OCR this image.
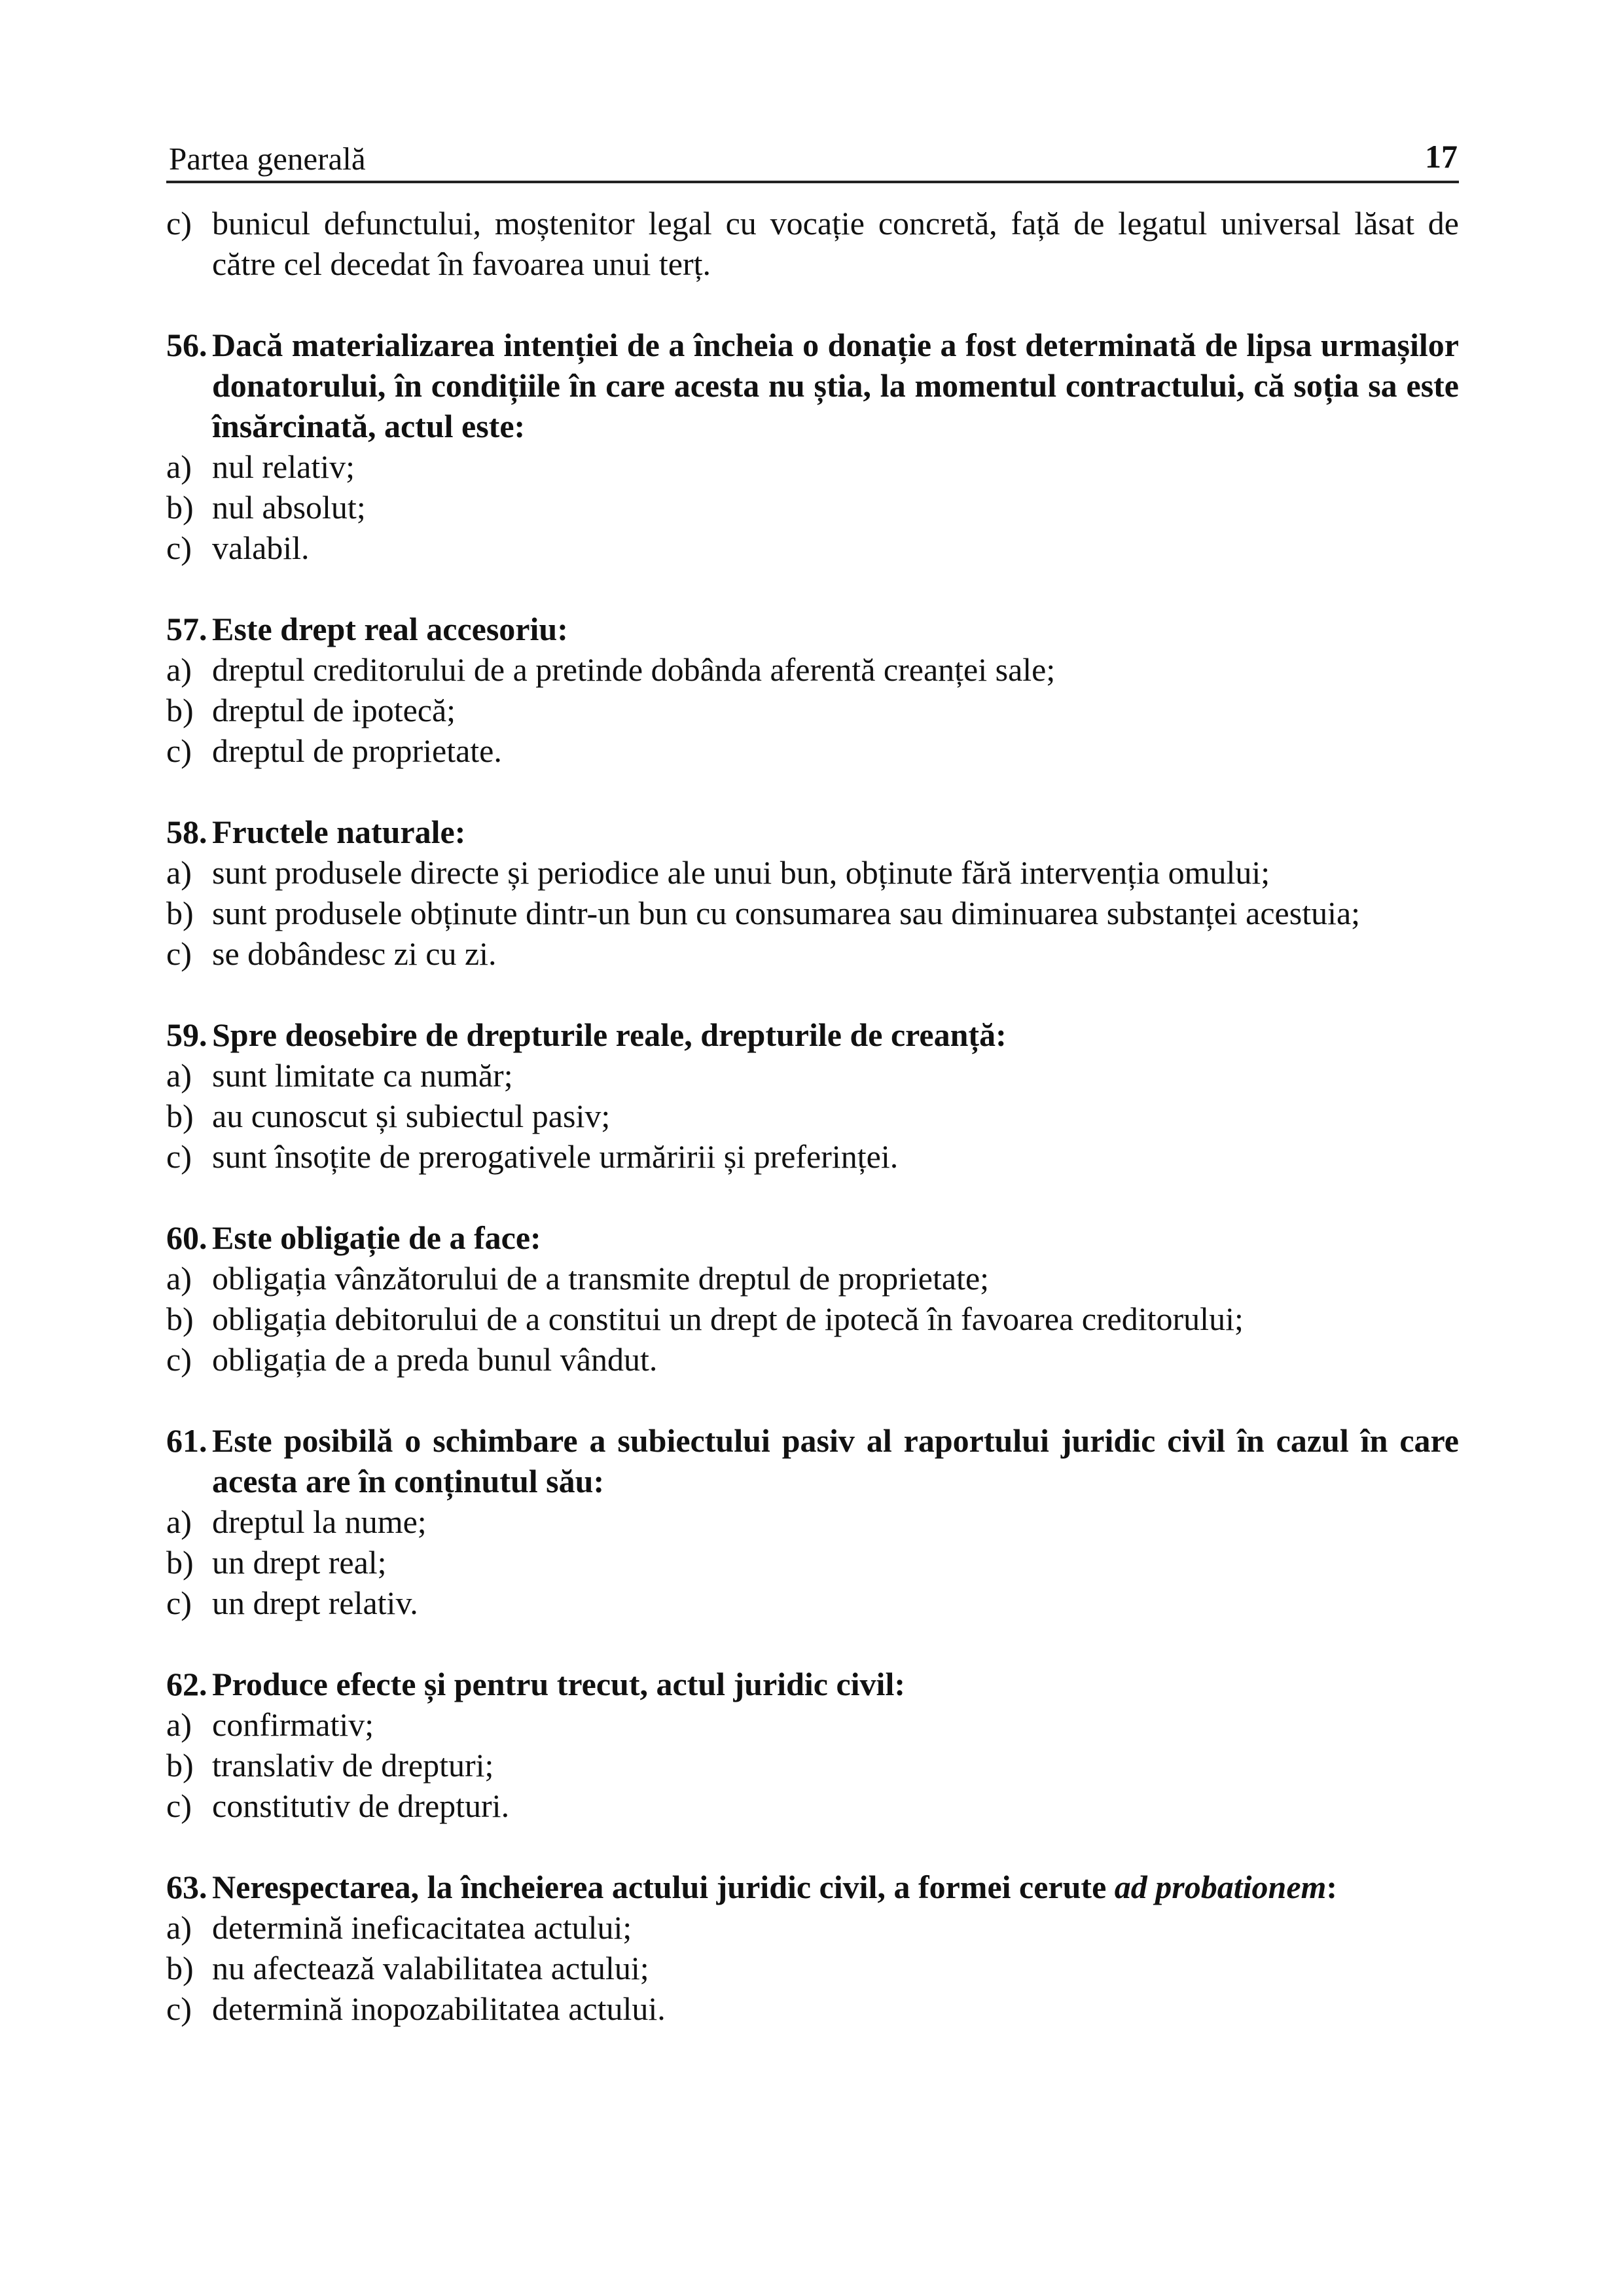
Partea generală	17
c) bunicul defunctului, moștenitor legal cu vocație concretă, față de legatul universal lăsat de către cel decedat în favoarea unui terț.

56. Dacă materializarea intenției de a încheia o donație a fost determinată de lipsa urmașilor donatorului, în condițiile în care acesta nu știa, la momentul contractului, că soția sa este însărcinată, actul este:

a) nul relativ;
b) nul absolut;
c) valabil.

57. Este drept real accesoriu:

a) dreptul creditorului de a pretinde dobânda aferentă creanței sale;
b) dreptul de ipotecă;
c) dreptul de proprietate.

58. Fructele naturale:

a) sunt produsele directe și periodice ale unui bun, obținute fără intervenția omului;
b) sunt produsele obținute dintr-un bun cu consumarea sau diminuarea substanței acestuia;
c) se dobândesc zi cu zi.

59. Spre deosebire de drepturile reale, drepturile de creanță:

a) sunt limitate ca număr;
b) au cunoscut și subiectul pasiv;
c) sunt însoțite de prerogativele urmăririi și preferinței.

60. Este obligație de a face:

a) obligația vânzătorului de a transmite dreptul de proprietate;
b) obligația debitorului de a constitui un drept de ipotecă în favoarea creditorului;
c) obligația de a preda bunul vândut.

61. Este posibilă o schimbare a subiectului pasiv al raportului juridic civil în cazul în care acesta are în conținutul său:

a) dreptul la nume;
b) un drept real;
c) un drept relativ.

62. Produce efecte și pentru trecut, actul juridic civil:

a) confirmativ;
b) translativ de drepturi;
c) constitutiv de drepturi.

63. Nerespectarea, la încheierea actului juridic civil, a formei cerute ad probationem:

a) determină ineficacitatea actului;
b) nu afectează valabilitatea actului;
c) determină inopozabilitatea actului.
